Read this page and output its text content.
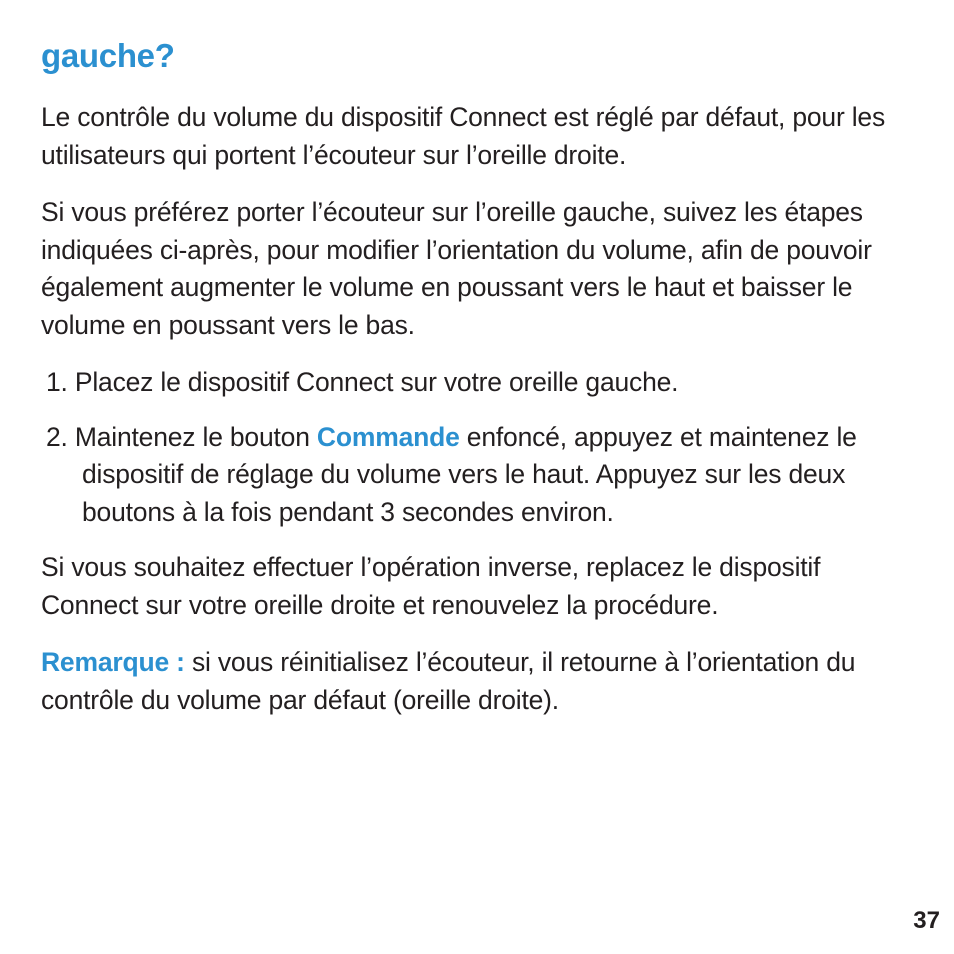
gauche?

Le contrôle du volume du dispositif Connect est réglé par défaut, pour les utilisateurs qui portent l’écouteur sur l’oreille droite.

Si vous préférez porter l’écouteur sur l’oreille gauche, suivez les étapes indiquées ci-après, pour modifier l’orientation du volume, afin de pouvoir également augmenter le volume en poussant vers le haut et baisser le volume en poussant vers le bas.

1. Placez le dispositif Connect sur votre oreille gauche.
2. Maintenez le bouton Commande enfoncé, appuyez et maintenez le dispositif de réglage du volume vers le haut. Appuyez sur les deux boutons à la fois pendant 3 secondes environ.

Si vous souhaitez effectuer l’opération inverse, replacez le dispositif Connect sur votre oreille droite et renouvelez la procédure.

Remarque : si vous réinitialisez l’écouteur, il retourne à l’orientation du contrôle du volume par défaut (oreille droite).

37
